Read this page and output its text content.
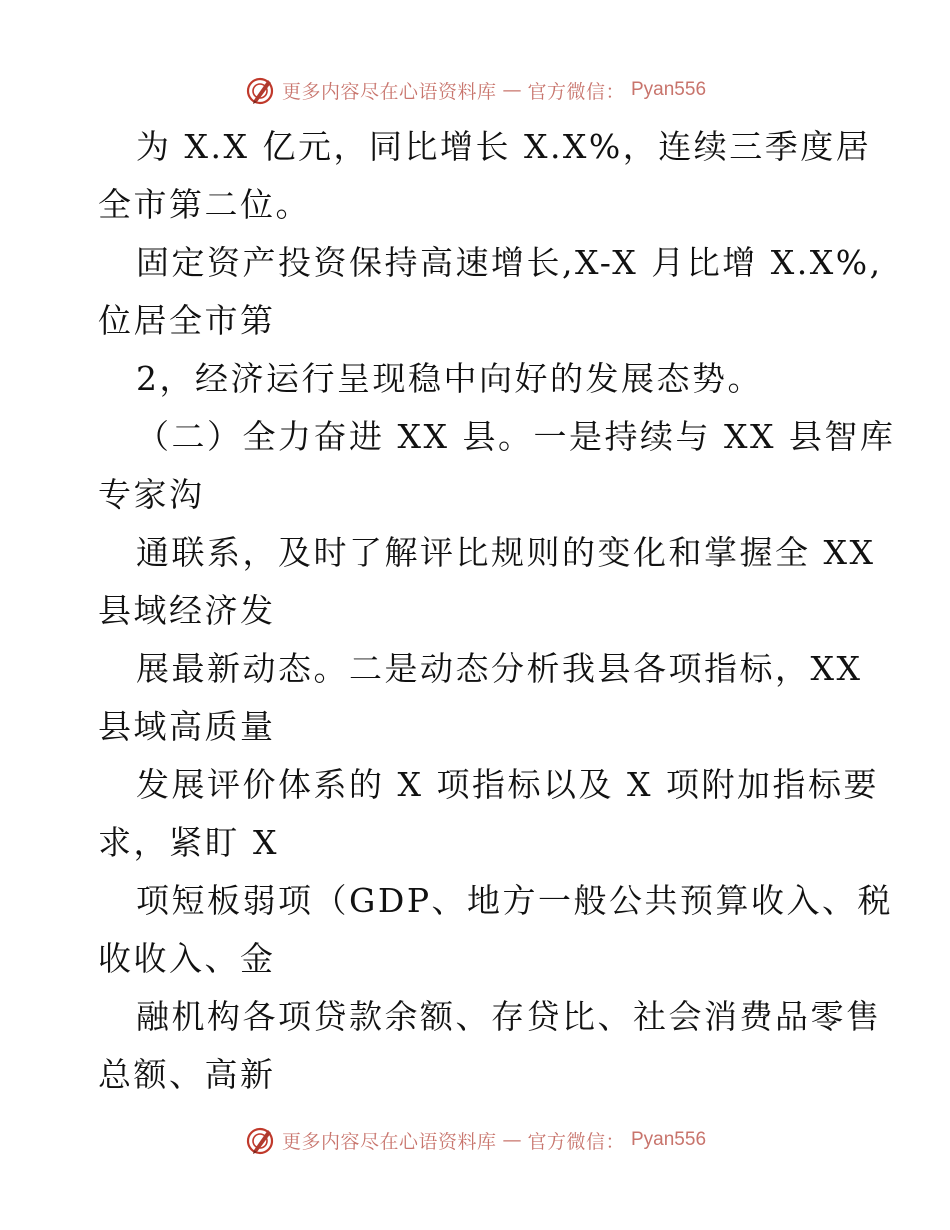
更多内容尽在心语资料库 — 官方微信： Pyan556
为 X.X 亿元，同比增长 X.X%，连续三季度居
全市第二位。
固定资产投资保持高速增长,X-X 月比增 X.X%,
位居全市第
2，经济运行呈现稳中向好的发展态势。
（二）全力奋进 XX 县。一是持续与 XX 县智库
专家沟
通联系，及时了解评比规则的变化和掌握全 XX
县域经济发
展最新动态。二是动态分析我县各项指标，XX
县域高质量
发展评价体系的 X 项指标以及 X 项附加指标要
求，紧盯 X
项短板弱项（GDP、地方一般公共预算收入、税
收收入、金
融机构各项贷款余额、存贷比、社会消费品零售
总额、高新
更多内容尽在心语资料库 — 官方微信： Pyan556
